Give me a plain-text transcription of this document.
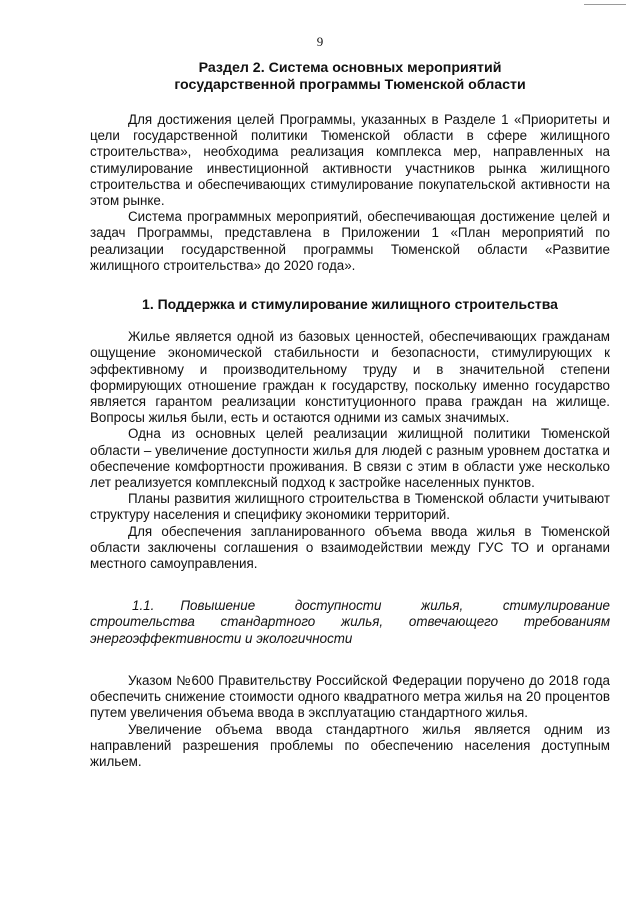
9
Раздел 2. Система основных мероприятий
государственной программы Тюменской области

Для достижения целей Программы, указанных в Разделе 1 «Приоритеты и цели государственной политики Тюменской области в сфере жилищного строительства», необходима реализация комплекса мер, направленных на стимулирование инвестиционной активности участников рынка жилищного строительства и обеспечивающих стимулирование покупательской активности на этом рынке.

Система программных мероприятий, обеспечивающая достижение целей и задач Программы, представлена в Приложении 1 «План мероприятий по реализации государственной программы Тюменской области «Развитие жилищного строительства» до 2020 года».

1. Поддержка и стимулирование жилищного строительства

Жилье является одной из базовых ценностей, обеспечивающих гражданам ощущение экономической стабильности и безопасности, стимулирующих к эффективному и производительному труду и в значительной степени формирующих отношение граждан к государству, поскольку именно государство является гарантом реализации конституционного права граждан на жилище. Вопросы жилья были, есть и остаются одними из самых значимых.

Одна из основных целей реализации жилищной политики Тюменской области – увеличение доступности жилья для людей с разным уровнем достатка и обеспечение комфортности проживания. В связи с этим в области уже несколько лет реализуется комплексный подход к застройке населенных пунктов.

Планы развития жилищного строительства в Тюменской области учитывают структуру населения и специфику экономики территорий.

Для обеспечения запланированного объема ввода жилья в Тюменской области заключены соглашения о взаимодействии между ГУС ТО и органами местного самоуправления.

1.1. Повышение доступности жилья, стимулирование строительства стандартного жилья, отвечающего требованиям энергоэффективности и экологичности

Указом №600 Правительству Российской Федерации поручено до 2018 года обеспечить снижение стоимости одного квадратного метра жилья на 20 процентов путем увеличения объема ввода в эксплуатацию стандартного жилья.

Увеличение объема ввода стандартного жилья является одним из направлений разрешения проблемы по обеспечению населения доступным жильем.
